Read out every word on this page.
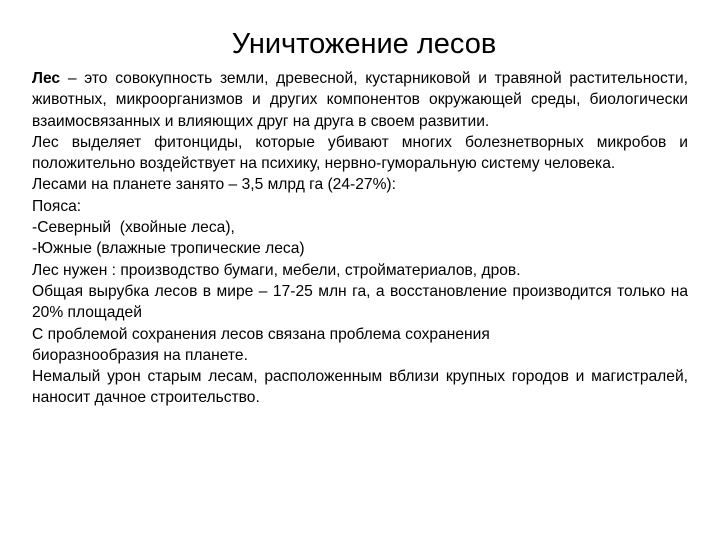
Уничтожение лесов

Лес – это совокупность земли, древесной, кустарниковой и травяной растительности, животных, микроорганизмов и других компонентов окружающей среды, биологически взаимосвязанных и влияющих друг на друга в своем развитии.

Лес выделяет фитонциды, которые убивают многих болезнетворных микробов и положительно воздействует на психику, нервно-гуморальную систему человека.

Лесами на планете занято – 3,5 млрд га (24-27%):

Пояса:

-Северный  (хвойные леса),

-Южные (влажные тропические леса)

Лес нужен : производство бумаги, мебели, стройматериалов, дров.

Общая вырубка лесов в мире – 17-25 млн га, а восстановление производится только на 20% площадей

С проблемой сохранения лесов связана проблема сохранения
биоразнообразия на планете.

Немалый урон старым лесам, расположенным вблизи крупных городов и магистралей, наносит дачное строительство.
